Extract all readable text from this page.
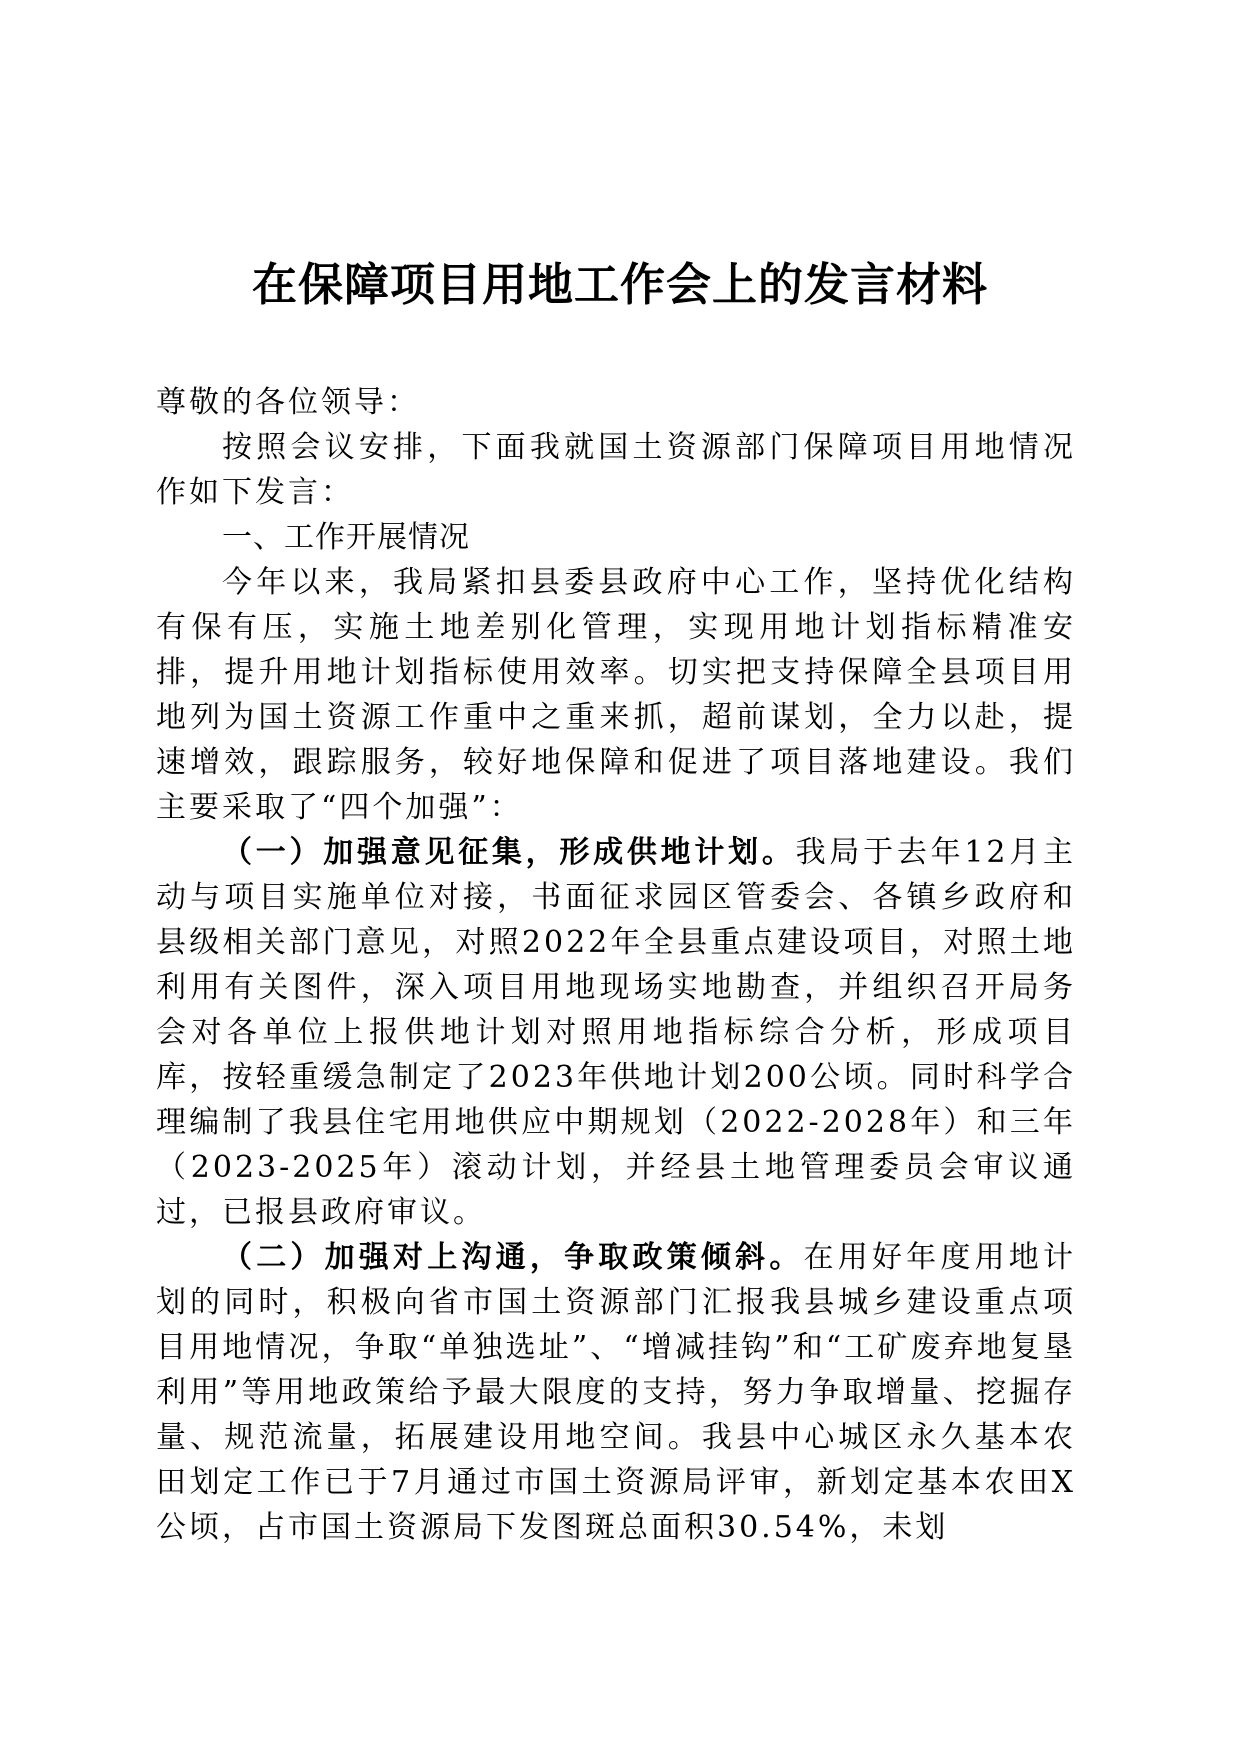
在保障项目用地工作会上的发言材料

尊敬的各位领导：

按照会议安排，下面我就国土资源部门保障项目用地情况作如下发言：

一、工作开展情况

今年以来，我局紧扣县委县政府中心工作，坚持优化结构有保有压，实施土地差别化管理，实现用地计划指标精准安排，提升用地计划指标使用效率。切实把支持保障全县项目用地列为国土资源工作重中之重来抓，超前谋划，全力以赴，提速增效，跟踪服务，较好地保障和促进了项目落地建设。我们主要采取了“四个加强”：

（一）加强意见征集，形成供地计划。我局于去年12月主动与项目实施单位对接，书面征求园区管委会、各镇乡政府和县级相关部门意见，对照2022年全县重点建设项目，对照土地利用有关图件，深入项目用地现场实地勘查，并组织召开局务会对各单位上报供地计划对照用地指标综合分析，形成项目库，按轻重缓急制定了2023年供地计划200公顷。同时科学合理编制了我县住宅用地供应中期规划（2022-2028年）和三年（2023-2025年）滚动计划，并经县土地管理委员会审议通过，已报县政府审议。

（二）加强对上沟通，争取政策倾斜。在用好年度用地计划的同时，积极向省市国土资源部门汇报我县城乡建设重点项目用地情况，争取“单独选址”、“增减挂钩”和“工矿废弃地复垦利用”等用地政策给予最大限度的支持，努力争取增量、挖掘存量、规范流量，拓展建设用地空间。我县中心城区永久基本农田划定工作已于7月通过市国土资源局评审，新划定基本农田X公顷，占市国土资源局下发图斑总面积30.54%，未划
